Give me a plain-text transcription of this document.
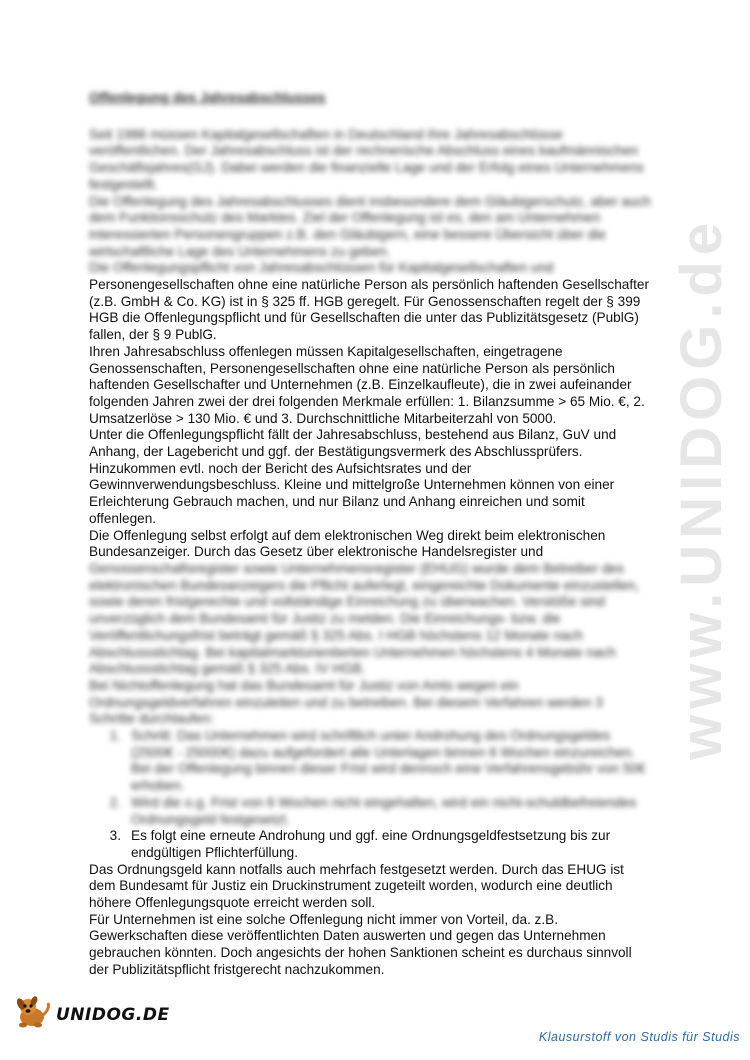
www.UNIDOG.de
Offenlegung des Jahresabschlusses

Seit 1986 müssen Kapitalgesellschaften in Deutschland ihre Jahresabschlüsse

veröffentlichen. Der Jahresabschluss ist der rechnerische Abschluss eines kaufmännischen

Geschäftsjahres(GJ). Dabei werden die finanzielle Lage und der Erfolg eines Unternehmens

festgestellt.

Die Offenlegung des Jahresabschlusses dient insbesondere dem Gläubigerschutz, aber auch

dem Funktionsschutz des Marktes. Ziel der Offenlegung ist es, den am Unternehmen

interessierten Personengruppen z.B. den Gläubigern, eine bessere Übersicht über die

wirtschaftliche Lage des Unternehmens zu geben.

Die Offenlegungspflicht von Jahresabschlüssen für Kapitalgesellschaften und

Personengesellschaften ohne eine natürliche Person als persönlich haftenden Gesellschafter

(z.B. GmbH & Co. KG) ist in § 325 ff. HGB geregelt. Für Genossenschaften regelt der § 399

HGB die Offenlegungspflicht und für Gesellschaften die unter das Publizitätsgesetz (PublG)

fallen, der § 9 PublG.

Ihren Jahresabschluss offenlegen müssen Kapitalgesellschaften, eingetragene

Genossenschaften, Personengesellschaften ohne eine natürliche Person als persönlich

haftenden Gesellschafter und Unternehmen (z.B. Einzelkaufleute), die in zwei aufeinander

folgenden Jahren zwei der drei folgenden Merkmale erfüllen: 1. Bilanzsumme > 65 Mio. €, 2.

Umsatzerlöse > 130 Mio. € und 3. Durchschnittliche Mitarbeiterzahl von 5000.

Unter die Offenlegungspflicht fällt der Jahresabschluss, bestehend aus Bilanz, GuV und

Anhang, der Lagebericht und ggf. der Bestätigungsvermerk des Abschlussprüfers.

Hinzukommen evtl. noch der Bericht des Aufsichtsrates und der

Gewinnverwendungsbeschluss. Kleine und mittelgroße Unternehmen können von einer

Erleichterung Gebrauch machen, und nur Bilanz und Anhang einreichen und somit

offenlegen.

Die Offenlegung selbst erfolgt auf dem elektronischen Weg direkt beim elektronischen

Bundesanzeiger. Durch das Gesetz über elektronische Handelsregister und

Genossenschaftsregister sowie Unternehmensregister (EHUG) wurde dem Betreiber des

elektronischen Bundesanzeigers die Pflicht auferlegt, eingereichte Dokumente einzustellen,

sowie deren fristgerechte und vollständige Einreichung zu überwachen. Verstöße sind

unverzüglich dem Bundesamt für Justiz zu melden. Die Einreichungs- bzw. die

Veröffentlichungsfrist beträgt gemäß § 325 Abs. I HGB höchstens 12 Monate nach

Abschlussstichtag. Bei kapitalmarktorientierten Unternehmen höchstens 4 Monate nach

Abschlussstichtag gemäß § 325 Abs. IV HGB.

Bei Nichtoffenlegung hat das Bundesamt für Justiz von Amts wegen ein

Ordnungsgeldverfahren einzuleiten und zu betreiben. Bei diesem Verfahren werden 3

Schritte durchlaufen:

1. Schritt: Das Unternehmen wird schriftlich unter Androhung des Ordnungsgeldes

(2500€ - 25000€) dazu aufgefordert alle Unterlagen binnen 6 Wochen einzureichen.

Bei der Offenlegung binnen dieser Frist wird dennoch eine Verfahrensgebühr von 50€

erhoben.

2. Wird die o.g. Frist von 6 Wochen nicht eingehalten, wird ein nicht-schuldbefreiendes

Ordnungsgeld festgesetzt.

3. Es folgt eine erneute Androhung und ggf. eine Ordnungsgeldfestsetzung bis zur

endgültigen Pflichterfüllung.

Das Ordnungsgeld kann notfalls auch mehrfach festgesetzt werden. Durch das EHUG ist

dem Bundesamt für Justiz ein Druckinstrument zugeteilt worden, wodurch eine deutlich

höhere Offenlegungsquote erreicht werden soll.

Für Unternehmen ist eine solche Offenlegung nicht immer von Vorteil, da. z.B.

Gewerkschaften diese veröffentlichten Daten auswerten und gegen das Unternehmen

gebrauchen könnten. Doch angesichts der hohen Sanktionen scheint es durchaus sinnvoll

der Publizitätspflicht fristgerecht nachzukommen.

UNIDOG.DE
Klausurstoff von Studis für Studis
